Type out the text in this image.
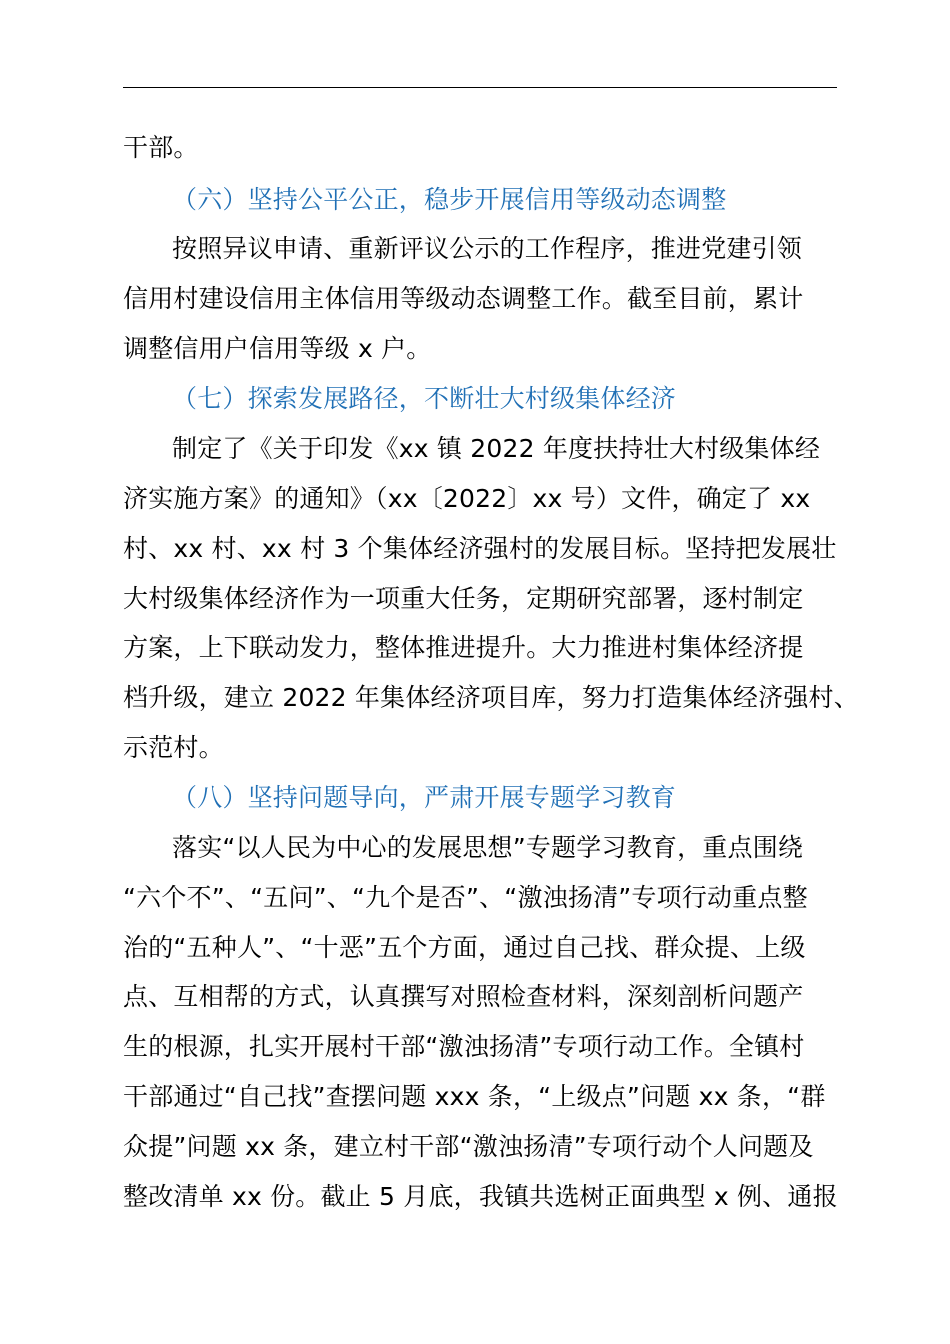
干部。
（六）坚持公平公正，稳步开展信用等级动态调整
按照异议申请、重新评议公示的工作程序，推进党建引领
信用村建设信用主体信用等级动态调整工作。截至目前，累计
调整信用户信用等级 x 户。
（七）探索发展路径，不断壮大村级集体经济
制定了《关于印发《xx 镇 2022 年度扶持壮大村级集体经
济实施方案》的通知》（xx〔2022〕xx 号）文件，确定了 xx
村、xx 村、xx 村 3 个集体经济强村的发展目标。坚持把发展壮
大村级集体经济作为一项重大任务，定期研究部署，逐村制定
方案，上下联动发力，整体推进提升。大力推进村集体经济提
档升级，建立 2022 年集体经济项目库，努力打造集体经济强村、
示范村。
（八）坚持问题导向，严肃开展专题学习教育
落实“以人民为中心的发展思想”专题学习教育，重点围绕
“六个不”、“五问”、“九个是否”、“激浊扬清”专项行动重点整
治的“五种人”、“十恶”五个方面，通过自己找、群众提、上级
点、互相帮的方式，认真撰写对照检查材料，深刻剖析问题产
生的根源，扎实开展村干部“激浊扬清”专项行动工作。全镇村
干部通过“自己找”查摆问题 xxx 条，“上级点”问题 xx 条，“群
众提”问题 xx 条，建立村干部“激浊扬清”专项行动个人问题及
整改清单 xx 份。截止 5 月底，我镇共选树正面典型 x 例、通报
